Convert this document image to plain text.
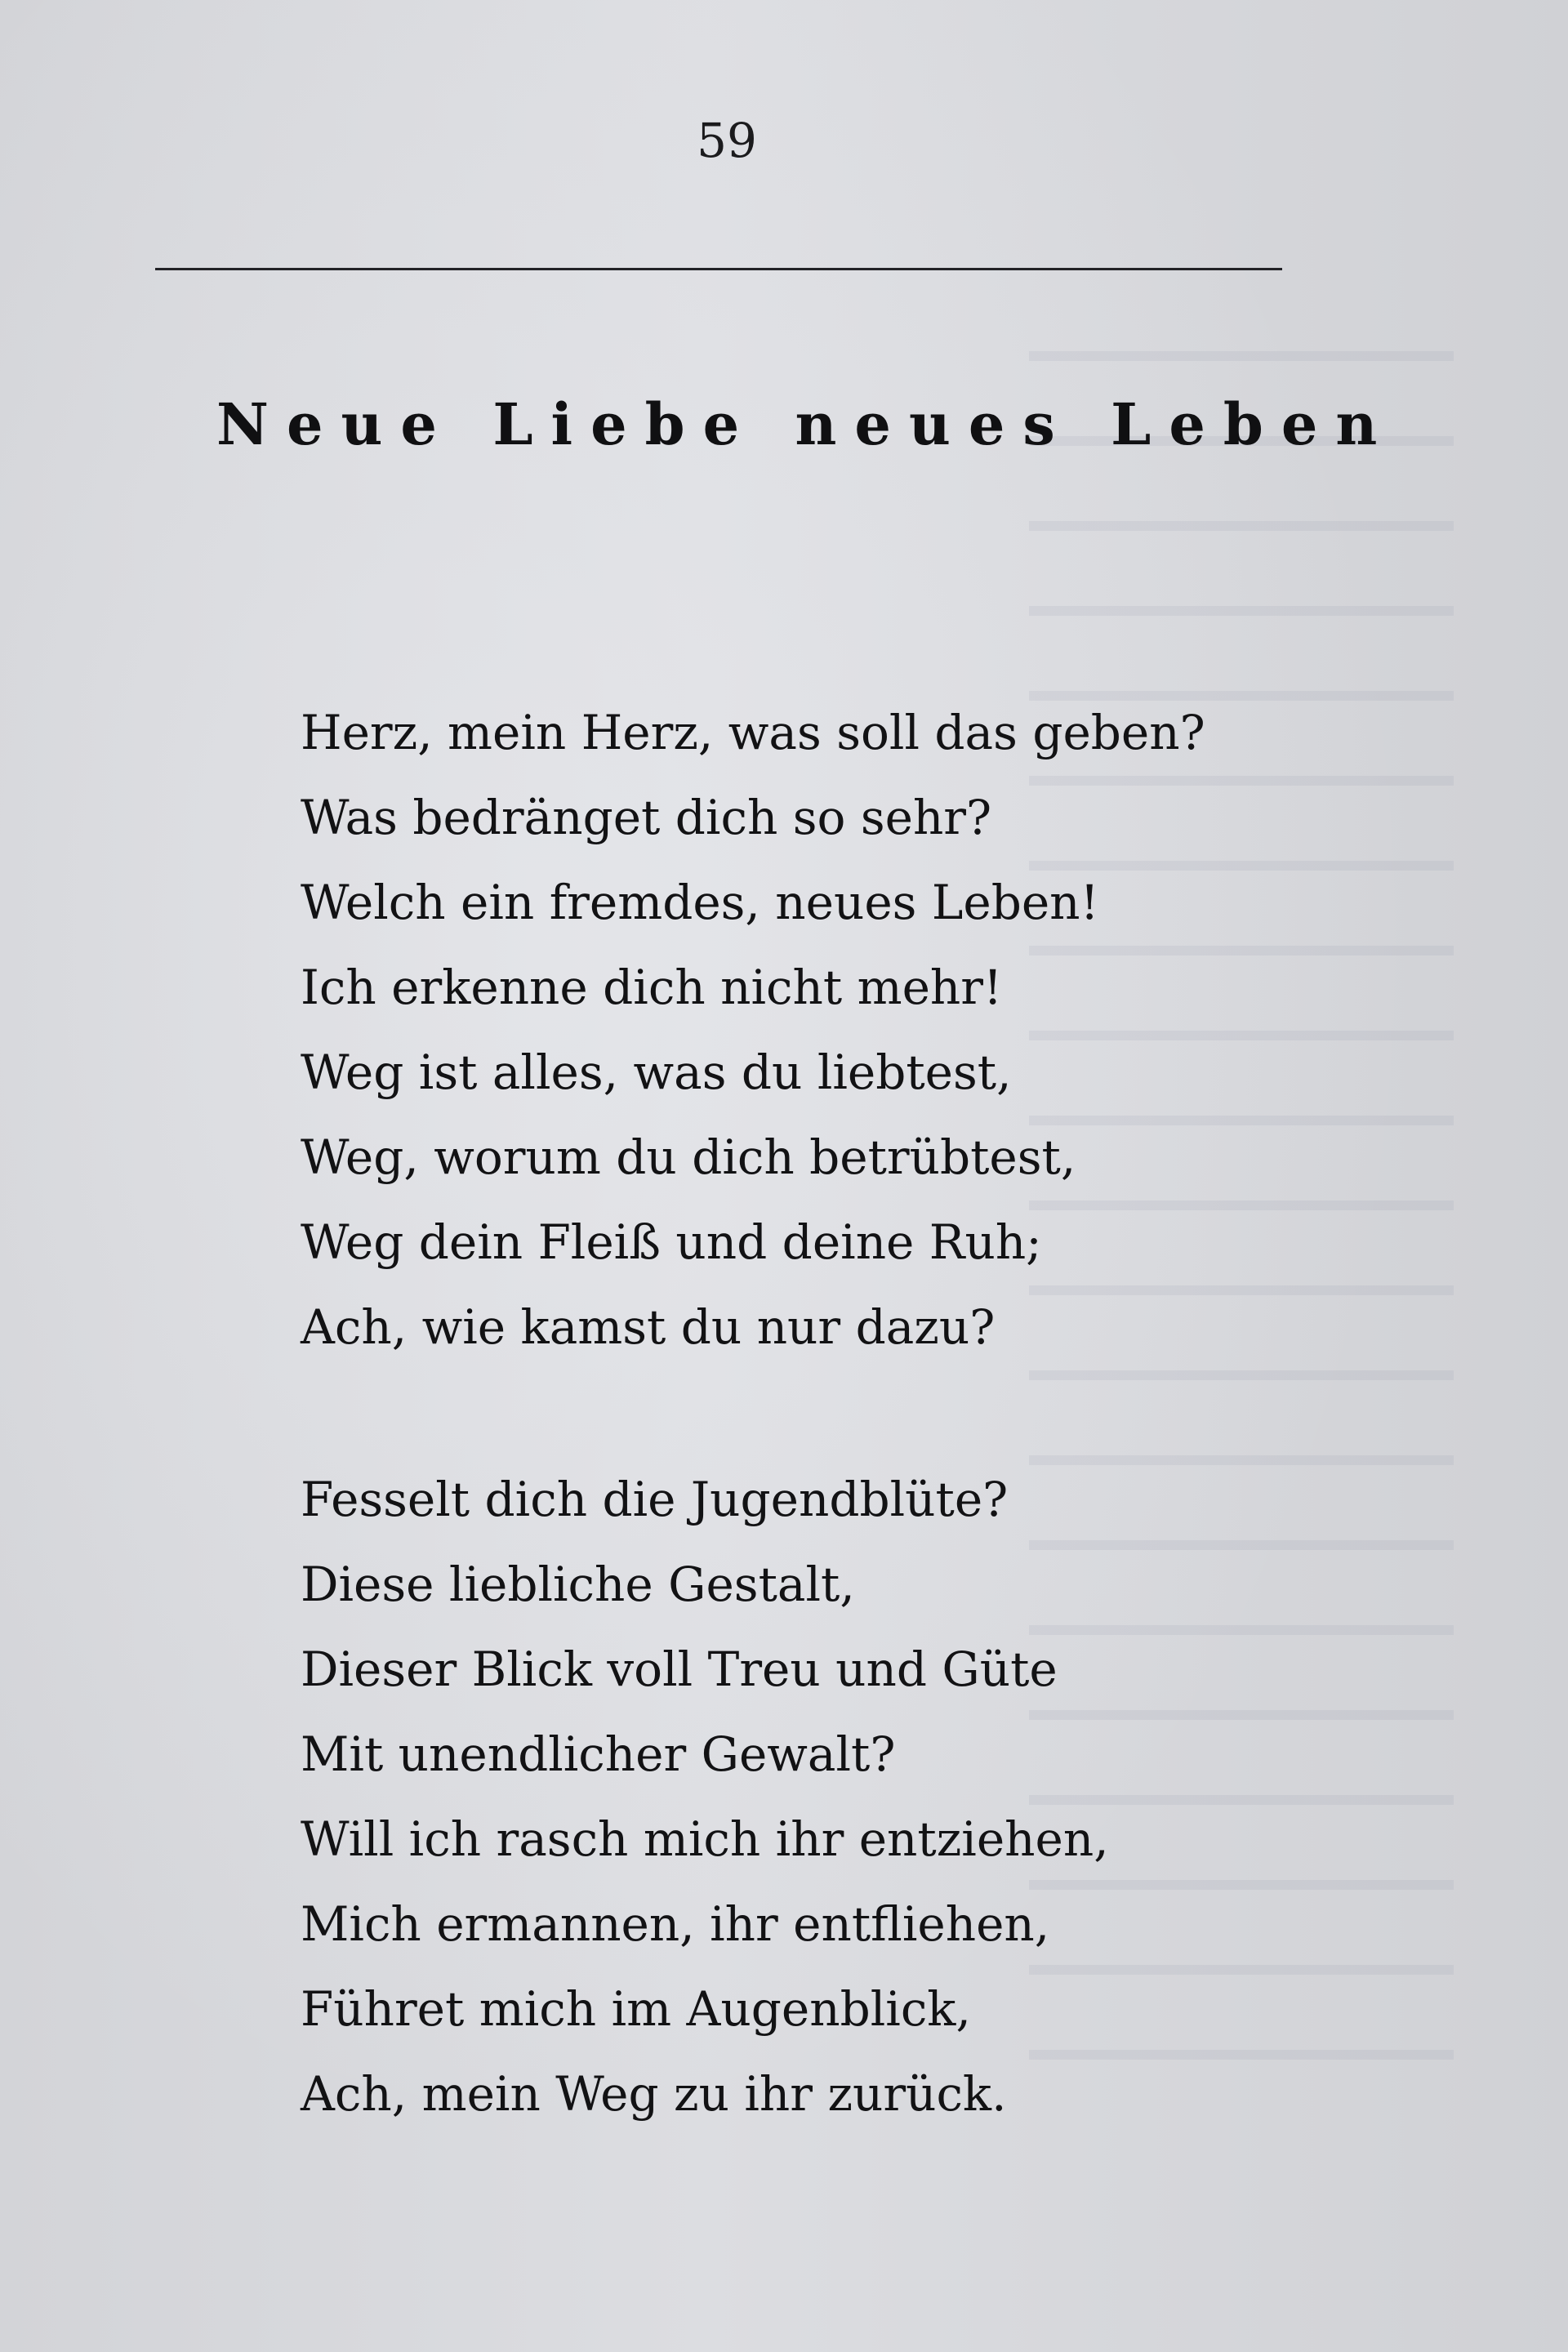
59
Neue Liebe neues Leben
Herz, mein Herz, was soll das geben?
Was bedränget dich so sehr?
Welch ein fremdes, neues Leben!
Ich erkenne dich nicht mehr!
Weg ist alles, was du liebtest,
Weg, worum du dich betrübtest,
Weg dein Fleiß und deine Ruh;
Ach, wie kamst du nur dazu?
Fesselt dich die Jugendblüte?
Diese liebliche Gestalt,
Dieser Blick voll Treu und Güte
Mit unendlicher Gewalt?
Will ich rasch mich ihr entziehen,
Mich ermannen, ihr entfliehen,
Führet mich im Augenblick,
Ach, mein Weg zu ihr zurück.
